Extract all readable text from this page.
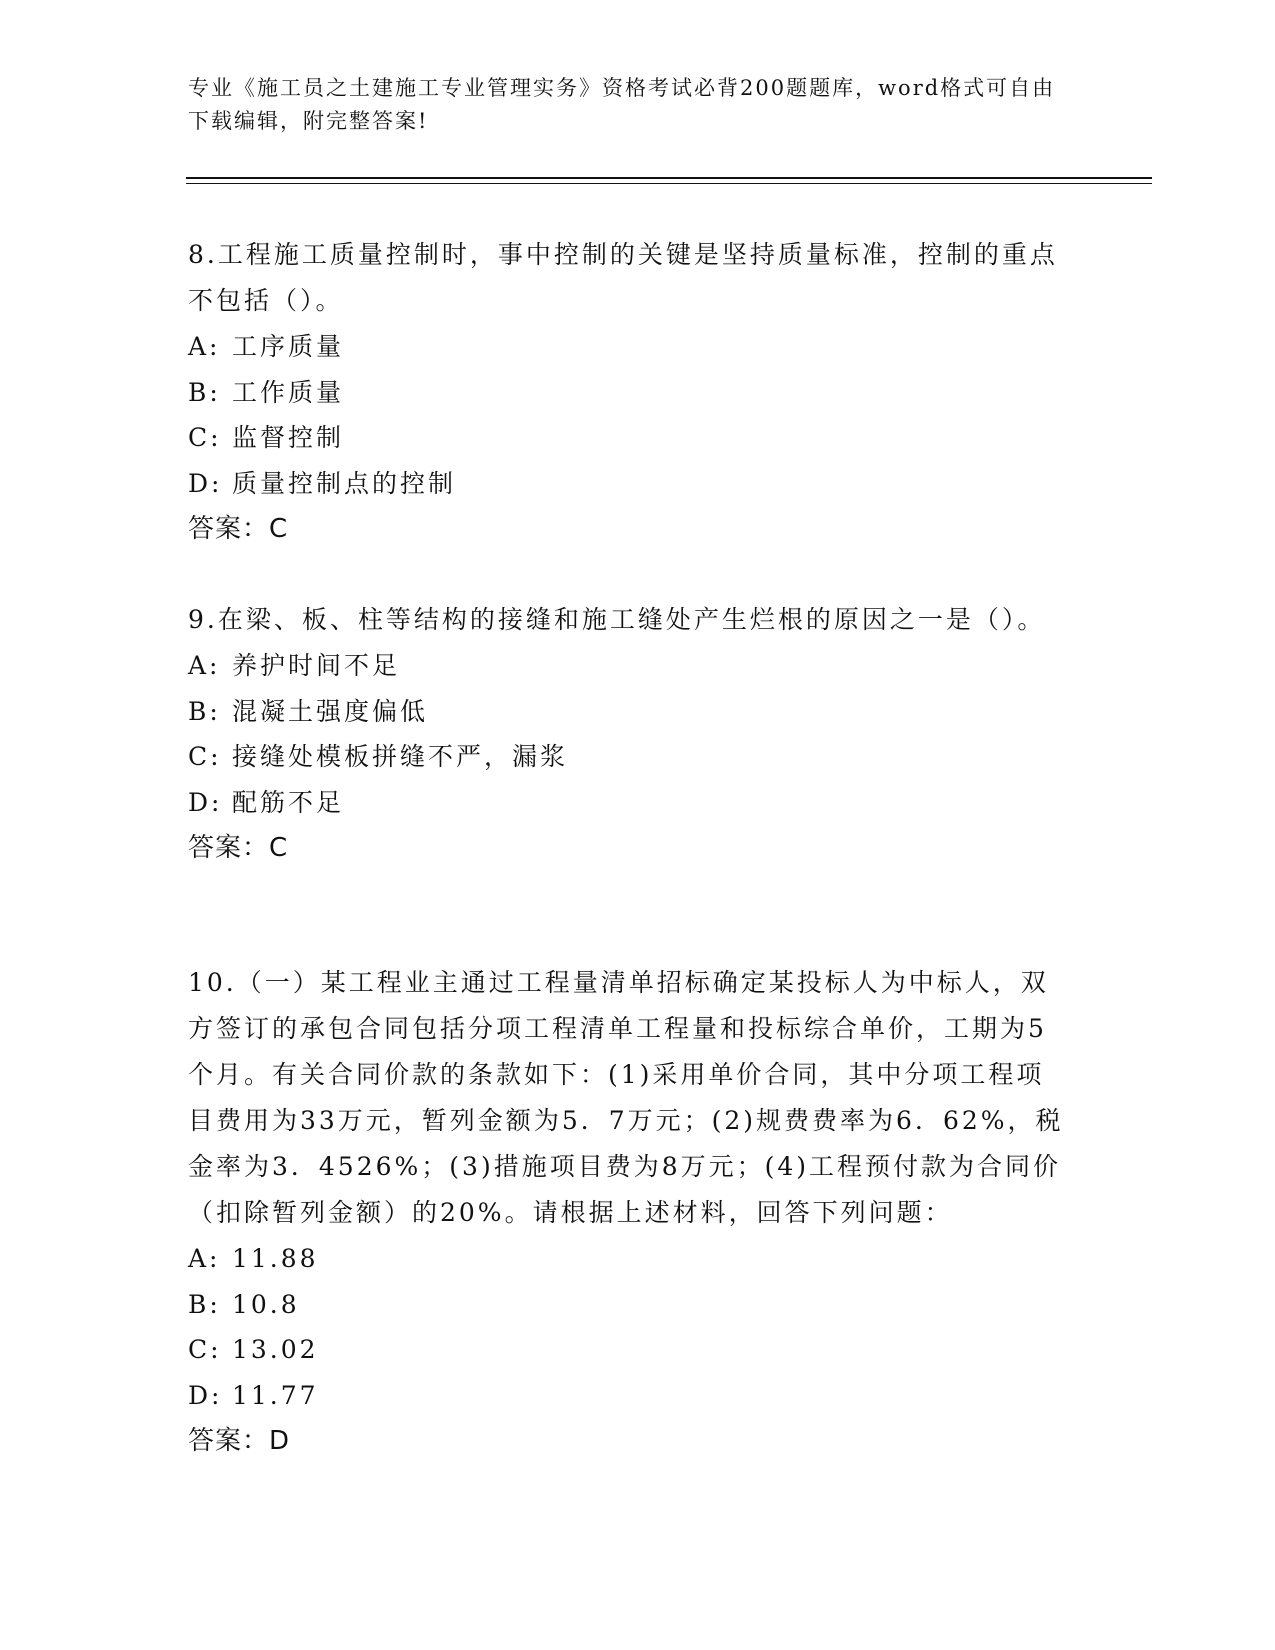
专业《施工员之土建施工专业管理实务》资格考试必背200题题库，word格式可自由下载编辑，附完整答案!

8.工程施工质量控制时，事中控制的关键是坚持质量标准，控制的重点不包括（）。

A: 工序质量

B: 工作质量

C: 监督控制

D: 质量控制点的控制

答案：C

9.在梁、板、柱等结构的接缝和施工缝处产生烂根的原因之一是（）。

A: 养护时间不足

B: 混凝土强度偏低

C: 接缝处模板拼缝不严，漏浆

D: 配筋不足

答案：C

10.（一）某工程业主通过工程量清单招标确定某投标人为中标人，双方签订的承包合同包括分项工程清单工程量和投标综合单价，工期为5个月。有关合同价款的条款如下：(1)采用单价合同，其中分项工程项目费用为33万元，暂列金额为5．7万元；(2)规费费率为6．62%，税金率为3．4526%；(3)措施项目费为8万元；(4)工程预付款为合同价（扣除暂列金额）的20%。请根据上述材料，回答下列问题：

A: 11.88

B: 10.8

C: 13.02

D: 11.77

答案：D
